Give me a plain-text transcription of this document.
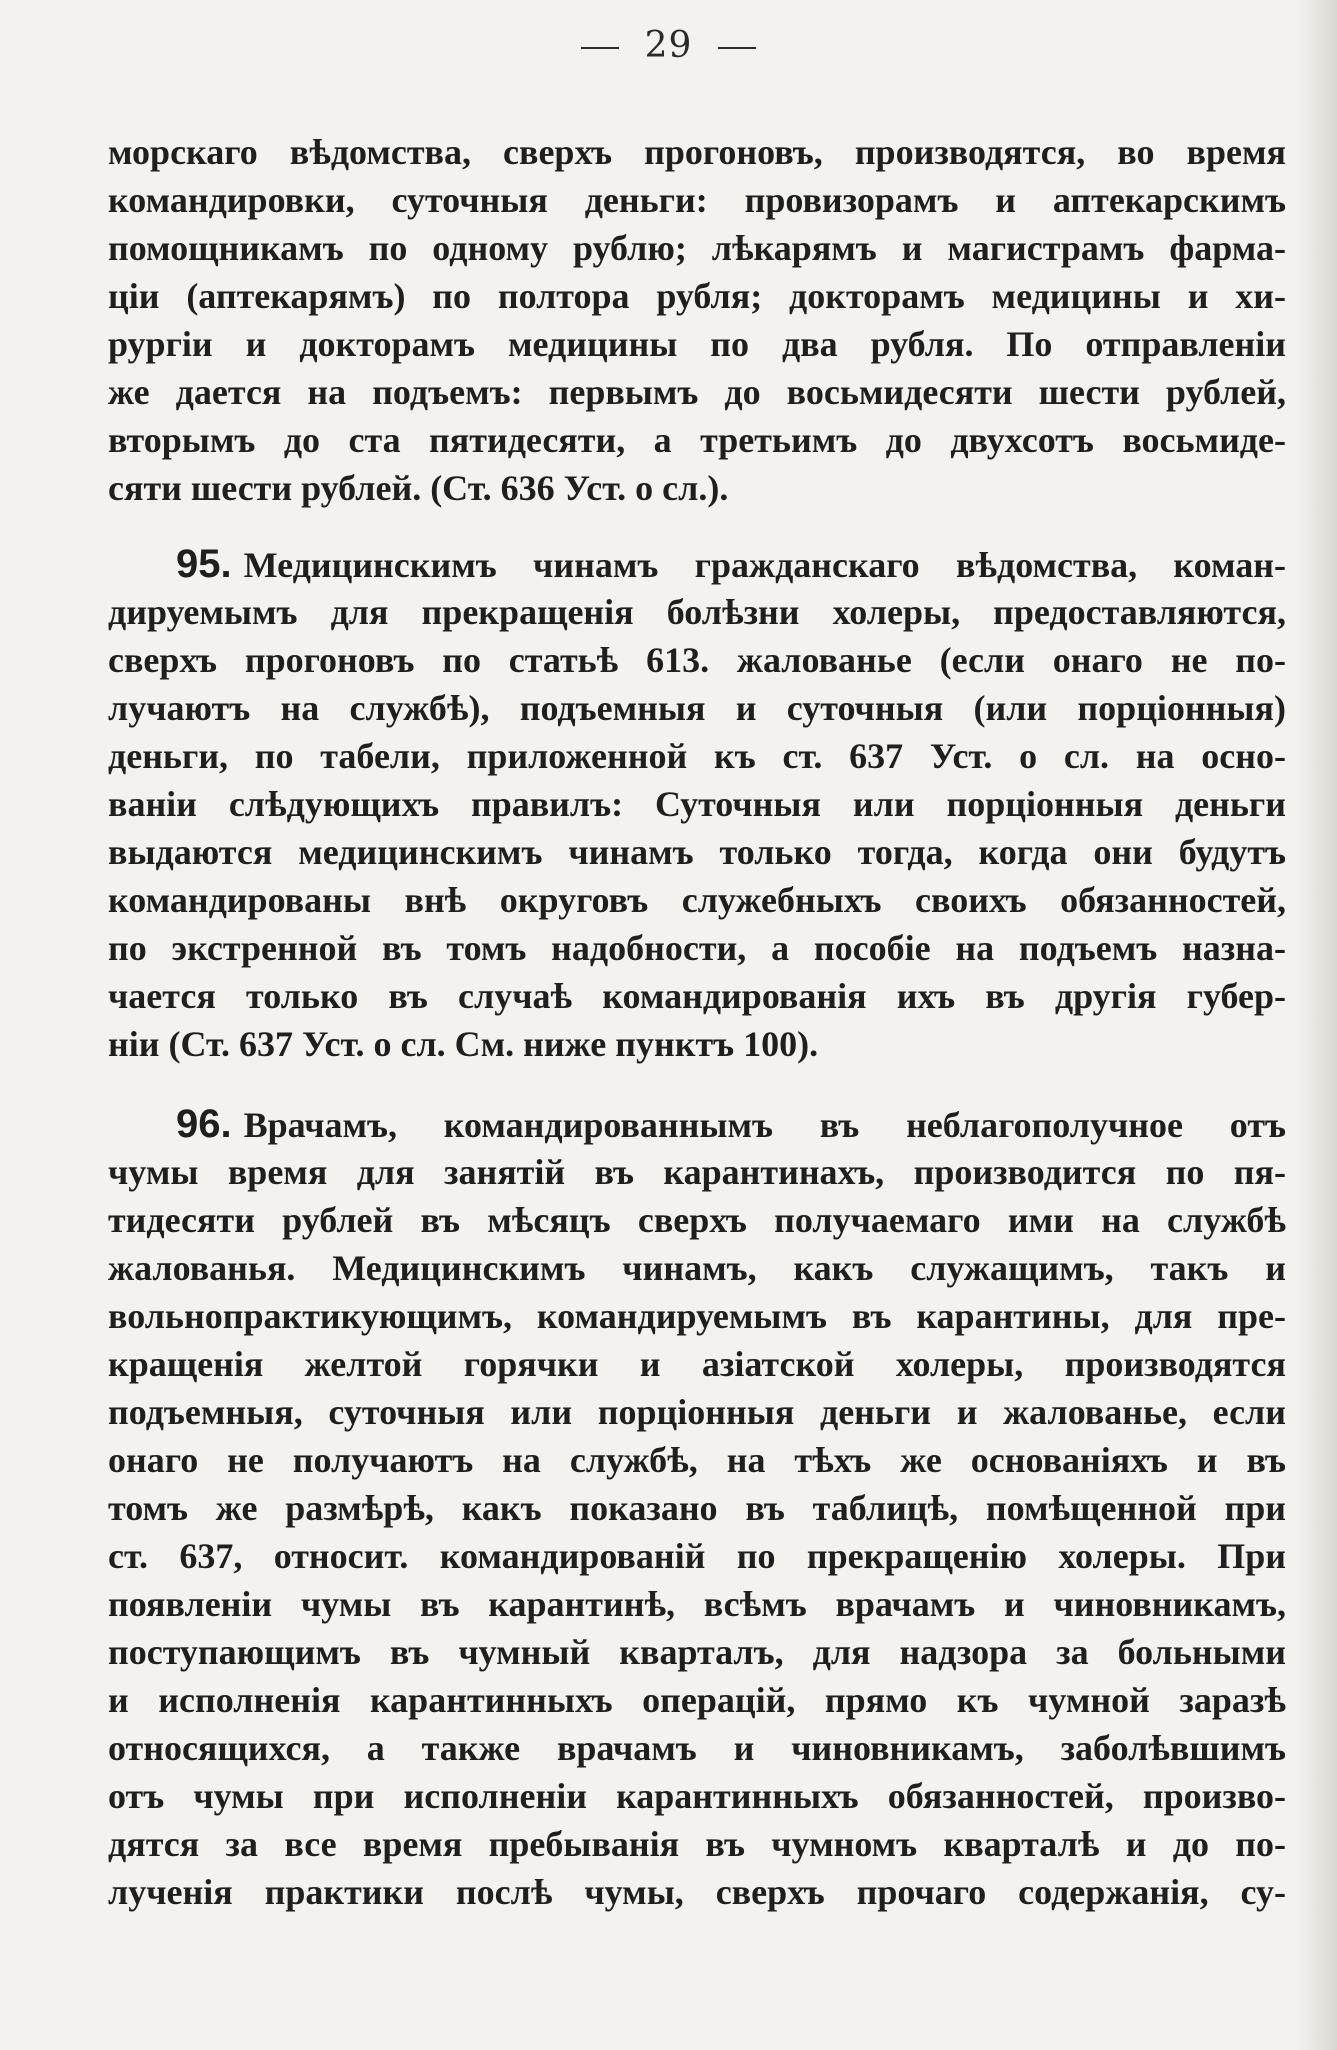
29
морскаго вѣдомства, сверхъ прогоновъ, производятся, во время
командировки, суточныя деньги: провизорамъ и аптекарскимъ
помощникамъ по одному рублю; лѣкарямъ и магистрамъ фарма-
ціи (аптекарямъ) по полтора рубля; докторамъ медицины и хи-
рургіи и докторамъ медицины по два рубля. По отправленіи
же дается на подъемъ: первымъ до восьмидесяти шести рублей,
вторымъ до ста пятидесяти, а третьимъ до двухсотъ восьмиде-
сяти шести рублей. (Ст. 636 Уст. о сл.).
95. Медицинскимъ чинамъ гражданскаго вѣдомства, коман-
дируемымъ для прекращенія болѣзни холеры, предоставляются,
сверхъ прогоновъ по статьѣ 613. жалованье (если онаго не по-
лучаютъ на службѣ), подъемныя и суточныя (или порціонныя)
деньги, по табели, приложенной къ ст. 637 Уст. о сл. на осно-
ваніи слѣдующихъ правилъ: Суточныя или порціонныя деньги
выдаются медицинскимъ чинамъ только тогда, когда они будутъ
командированы внѣ округовъ служебныхъ своихъ обязанностей,
по экстренной въ томъ надобности, а пособіе на подъемъ назна-
чается только въ случаѣ командированія ихъ въ другія губер-
ніи (Ст. 637 Уст. о сл. См. ниже пунктъ 100).
96. Врачамъ, командированнымъ въ неблагополучное отъ
чумы время для занятій въ карантинахъ, производится по пя-
тидесяти рублей въ мѣсяцъ сверхъ получаемаго ими на службѣ
жалованья. Медицинскимъ чинамъ, какъ служащимъ, такъ и
вольнопрактикующимъ, командируемымъ въ карантины, для пре-
кращенія желтой горячки и азіатской холеры, производятся
подъемныя, суточныя или порціонныя деньги и жалованье, если
онаго не получаютъ на службѣ, на тѣхъ же основаніяхъ и въ
томъ же размѣрѣ, какъ показано въ таблицѣ, помѣщенной при
ст. 637, относит. командированій по прекращенію холеры. При
появленіи чумы въ карантинѣ, всѣмъ врачамъ и чиновникамъ,
поступающимъ въ чумный кварталъ, для надзора за больными
и исполненія карантинныхъ операцій, прямо къ чумной заразѣ
относящихся, а также врачамъ и чиновникамъ, заболѣвшимъ
отъ чумы при исполненіи карантинныхъ обязанностей, произво-
дятся за все время пребыванія въ чумномъ кварталѣ и до по-
лученія практики послѣ чумы, сверхъ прочаго содержанія, су-
